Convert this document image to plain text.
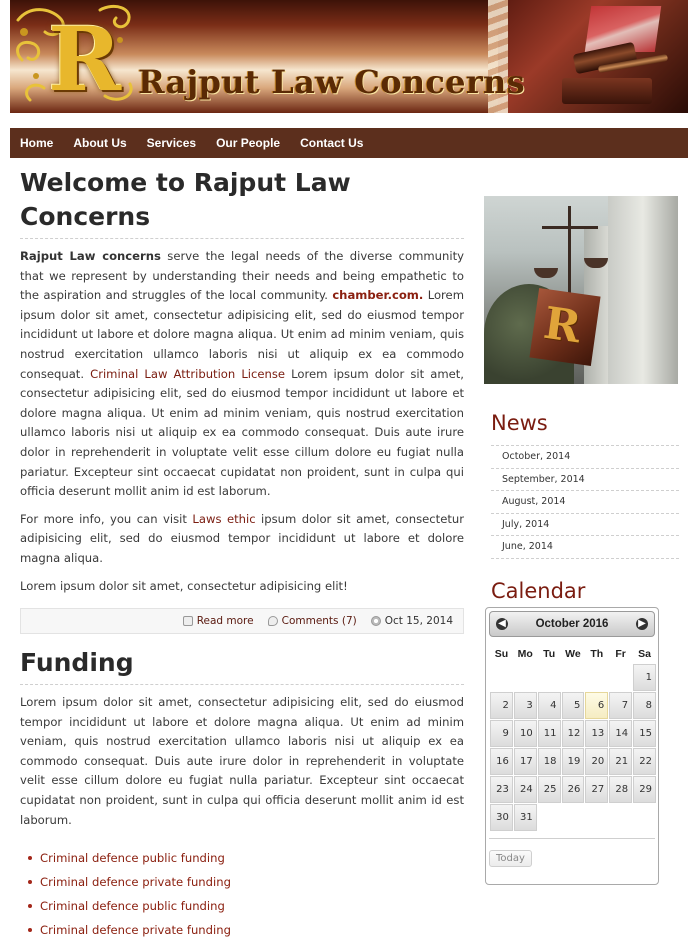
R Rajput Law Concerns
Home About Us Services Our People Contact Us
Welcome to Rajput Law Concerns

Rajput Law concerns serve the legal needs of the diverse community that we represent by understanding their needs and being empathetic to the aspiration and struggles of the local community. chamber.com. Lorem ipsum dolor sit amet, consectetur adipisicing elit, sed do eiusmod tempor incididunt ut labore et dolore magna aliqua. Ut enim ad minim veniam, quis nostrud exercitation ullamco laboris nisi ut aliquip ex ea commodo consequat. Criminal Law Attribution License Lorem ipsum dolor sit amet, consectetur adipisicing elit, sed do eiusmod tempor incididunt ut labore et dolore magna aliqua. Ut enim ad minim veniam, quis nostrud exercitation ullamco laboris nisi ut aliquip ex ea commodo consequat. Duis aute irure dolor in reprehenderit in voluptate velit esse cillum dolore eu fugiat nulla pariatur. Excepteur sint occaecat cupidatat non proident, sunt in culpa qui officia deserunt mollit anim id est laborum.

For more info, you can visit Laws ethic ipsum dolor sit amet, consectetur adipisicing elit, sed do eiusmod tempor incididunt ut labore et dolore magna aliqua.

Lorem ipsum dolor sit amet, consectetur adipisicing elit!

Read more	Comments (7)	Oct 15, 2014
Funding

Lorem ipsum dolor sit amet, consectetur adipisicing elit, sed do eiusmod tempor incididunt ut labore et dolore magna aliqua. Ut enim ad minim veniam, quis nostrud exercitation ullamco laboris nisi ut aliquip ex ea commodo consequat. Duis aute irure dolor in reprehenderit in voluptate velit esse cillum dolore eu fugiat nulla pariatur. Excepteur sint occaecat cupidatat non proident, sunt in culpa qui officia deserunt mollit anim id est laborum.

Criminal defence public funding
Criminal defence private funding
Criminal defence public funding
Criminal defence private funding
R
News
October, 2014
September, 2014
August, 2014
July, 2014
June, 2014
Calendar
◀	October 2016	▶
Su	Mo	Tu	We	Th	Fr	Sa
						1
2	3	4	5	6	7	8
9	10	11	12	13	14	15
16	17	18	19	20	21	22
23	24	25	26	27	28	29
30	31					
Today
